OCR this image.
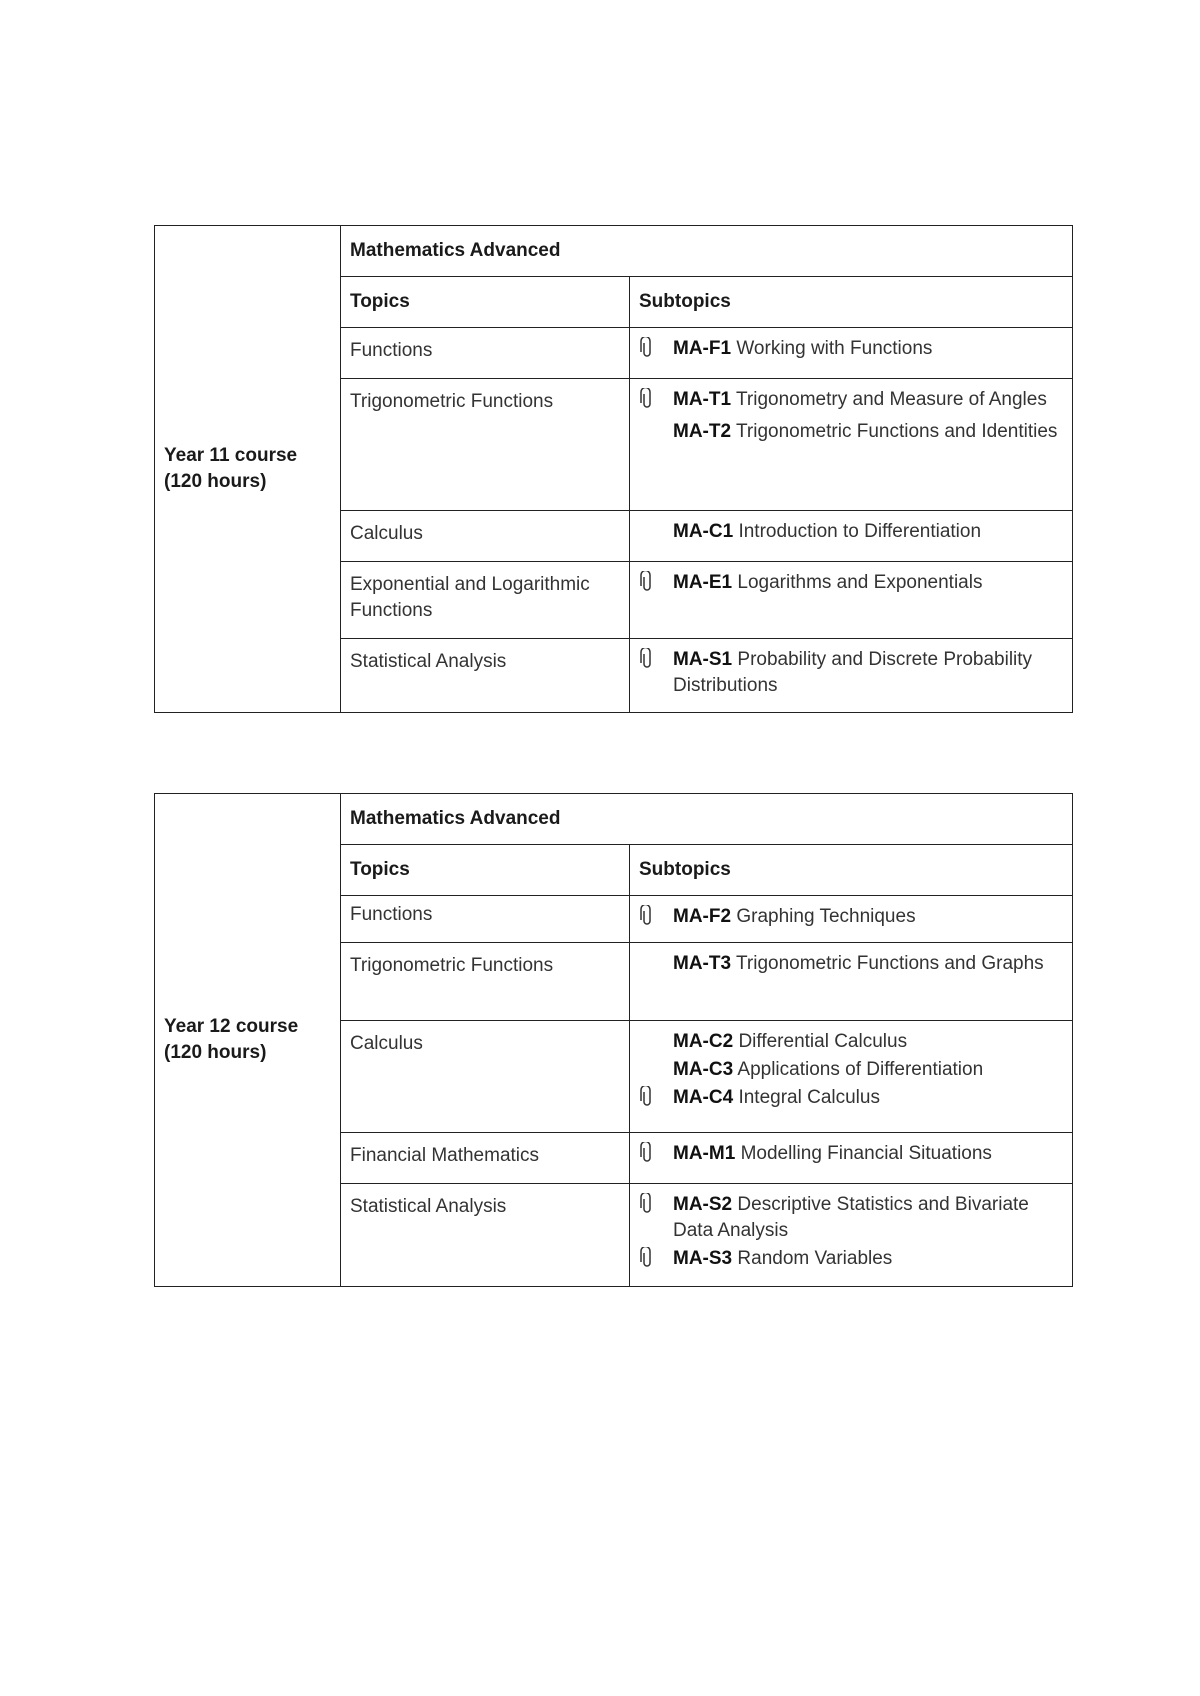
Year 11 course
(120 hours)	Mathematics Advanced	
	Topics	Subtopics
	Functions	MA-F1 Working with Functions

	Trigonometric Functions	MA-T1 Trigonometry and Measure of Angles
MA-T2 Trigonometric Functions and Identities

	Calculus	MA-C1 Introduction to Differentiation

	Exponential and Logarithmic Functions	MA-E1 Logarithms and Exponentials

	Statistical Analysis	MA-S1 Probability and Discrete Probability Distributions
Year 12 course
(120 hours)	Mathematics Advanced	
	Topics	Subtopics
	Functions	MA-F2 Graphing Techniques

	Trigonometric Functions	MA-T3 Trigonometric Functions and Graphs

	Calculus	MA-C2 Differential Calculus
MA-C3 Applications of Differentiation
MA-C4 Integral Calculus

	Financial Mathematics	MA-M1 Modelling Financial Situations

	Statistical Analysis	MA-S2 Descriptive Statistics and Bivariate Data Analysis
MA-S3 Random Variables
